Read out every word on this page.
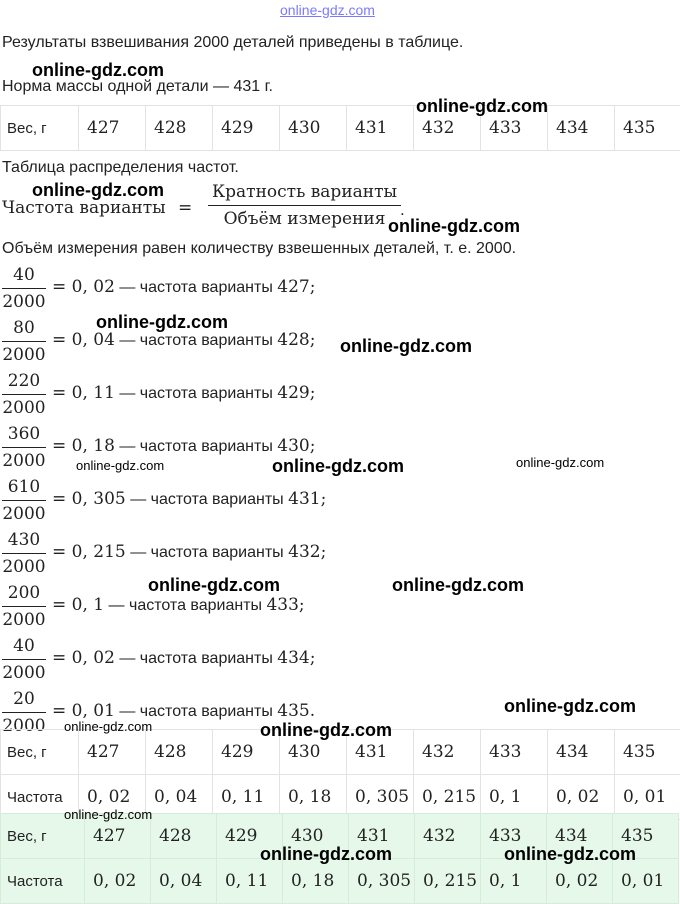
online-gdz.com
Результаты взвешивания 2000 деталей приведены в таблице.
Норма массы одной детали — 431 г.
Вес, г	427	428	429	430	431	432	433	434	435
Таблица распределения частот.
Частота варианты =
Кратность варианты
Объём измерения .
Объём измерения равен количеству взвешенных деталей, т. е. 2000.
40
2000
= 0, 02 — частота варианты 427;
80
2000
= 0, 04 — частота варианты 428;
220
2000
= 0, 11 — частота варианты 429;
360
2000
= 0, 18 — частота варианты 430;
610
2000
= 0, 305 — частота варианты 431;
430
2000
= 0, 215 — частота варианты 432;
200
2000
= 0, 1 — частота варианты 433;
40
2000
= 0, 02 — частота варианты 434;
20
2000
= 0, 01 — частота варианты 435.
Вес, г	427	428	429	430	431	432	433	434	435
Частота	0, 02	0, 04	0, 11	0, 18	0, 305	0, 215	0, 1	0, 02	0, 01
Вес, г	427	428	429	430	431	432	433	434	435
Частота	0, 02	0, 04	0, 11	0, 18	0, 305	0, 215	0, 1	0, 02	0, 01
online-gdz.com
online-gdz.com
online-gdz.com
online-gdz.com
online-gdz.com
online-gdz.com
online-gdz.com	online-gdz.com	online-gdz.com
online-gdz.com	online-gdz.com
online-gdz.com
online-gdz.com	online-gdz.com
online-gdz.com
online-gdz.com	online-gdz.com
